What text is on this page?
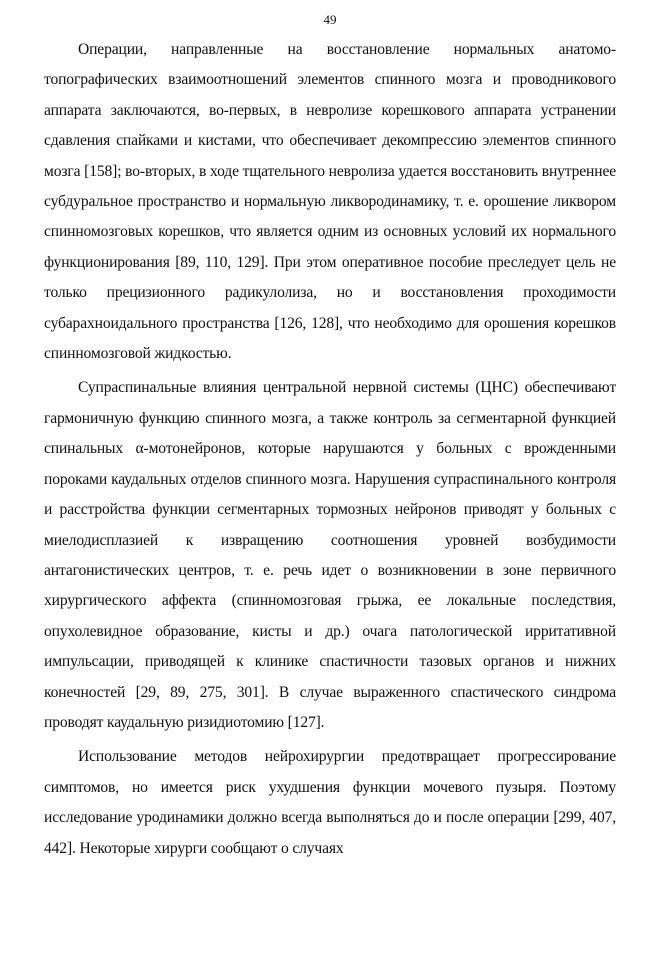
49

Операции, направленные на восстановление нормальных анатомо-топографических взаимоотношений элементов спинного мозга и проводникового аппарата заключаются, во-первых, в невролизе корешкового аппарата устранении сдавления спайками и кистами, что обеспечивает декомпрессию элементов спинного мозга [158]; во-вторых, в ходе тщательного невролиза удается восстановить внутреннее субдуральное пространство и нормальную ликвородинамику, т. е. орошение ликвором спинномозговых корешков, что является одним из основных условий их нормального функционирования [89, 110, 129]. При этом оперативное пособие преследует цель не только прецизионного радикулолиза, но и восстановления проходимости субарахноидального пространства [126, 128], что необходимо для орошения корешков спинномозговой жидкостью.

Супраспинальные влияния центральной нервной системы (ЦНС) обеспечивают гармоничную функцию спинного мозга, а также контроль за сегментарной функцией спинальных α-мотонейронов, которые нарушаются у больных с врожденными пороками каудальных отделов спинного мозга. Нарушения супраспинального контроля и расстройства функции сегментарных тормозных нейронов приводят у больных с миелодисплазией к извращению соотношения уровней возбудимости антагонистических центров, т. е. речь идет о возникновении в зоне первичного хирургического аффекта (спинномозговая грыжа, ее локальные последствия, опухолевидное образование, кисты и др.) очага патологической ирритативной импульсации, приводящей к клинике спастичности тазовых органов и нижних конечностей [29, 89, 275, 301]. В случае выраженного спастического синдрома проводят каудальную ризидиотомию [127].

Использование методов нейрохирургии предотвращает прогрессирование симптомов, но имеется риск ухудшения функции мочевого пузыря. Поэтому исследование уродинамики должно всегда выполняться до и после операции [299, 407, 442]. Некоторые хирурги сообщают о случаях
